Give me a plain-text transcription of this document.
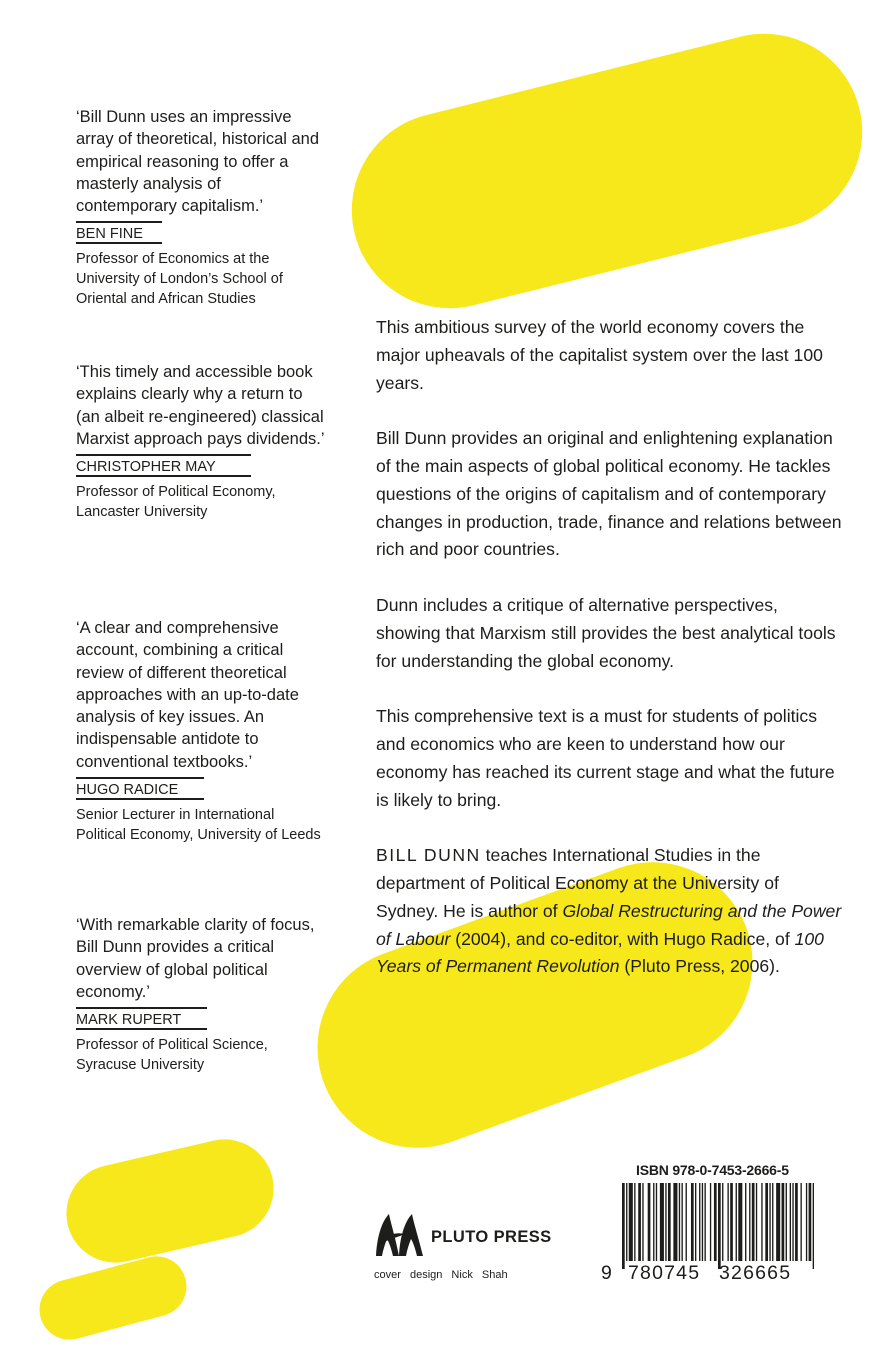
‘Bill Dunn uses an impressive array of theoretical, historical and empirical reasoning to offer a masterly analysis of contemporary capitalism.’

BEN FINE
Professor of Economics at the University of London’s School of Oriental and African Studies

‘This timely and accessible book explains clearly why a return to (an albeit re-engineered) classical Marxist approach pays dividends.’

CHRISTOPHER MAY
Professor of Political Economy, Lancaster University

‘A clear and comprehensive account, combining a critical review of different theoretical approaches with an up-to-date analysis of key issues. An indispensable antidote to conventional textbooks.’

HUGO RADICE
Senior Lecturer in International Political Economy, University of Leeds

‘With remarkable clarity of focus, Bill Dunn provides a critical overview of global political economy.’

MARK RUPERT
Professor of Political Science, Syracuse University

This ambitious survey of the world economy covers the major upheavals of the capitalist system over the last 100 years.

Bill Dunn provides an original and enlightening explanation of the main aspects of global political economy. He tackles questions of the origins of capitalism and of contemporary changes in production, trade, finance and relations between rich and poor countries.

Dunn includes a critique of alternative perspectives, showing that Marxism still provides the best analytical tools for understanding the global economy.

This comprehensive text is a must for students of politics and economics who are keen to understand how our economy has reached its current stage and what the future is likely to bring.

BILL DUNN teaches International Studies in the department of Political Economy at the University of Sydney. He is author of Global Restructuring and the Power of Labour (2004), and co-editor, with Hugo Radice, of 100 Years of Permanent Revolution (Pluto Press, 2006).

PLUTO PRESS
cover design Nick Shah
ISBN 978-0-7453-2666-5
9 780745 326665
